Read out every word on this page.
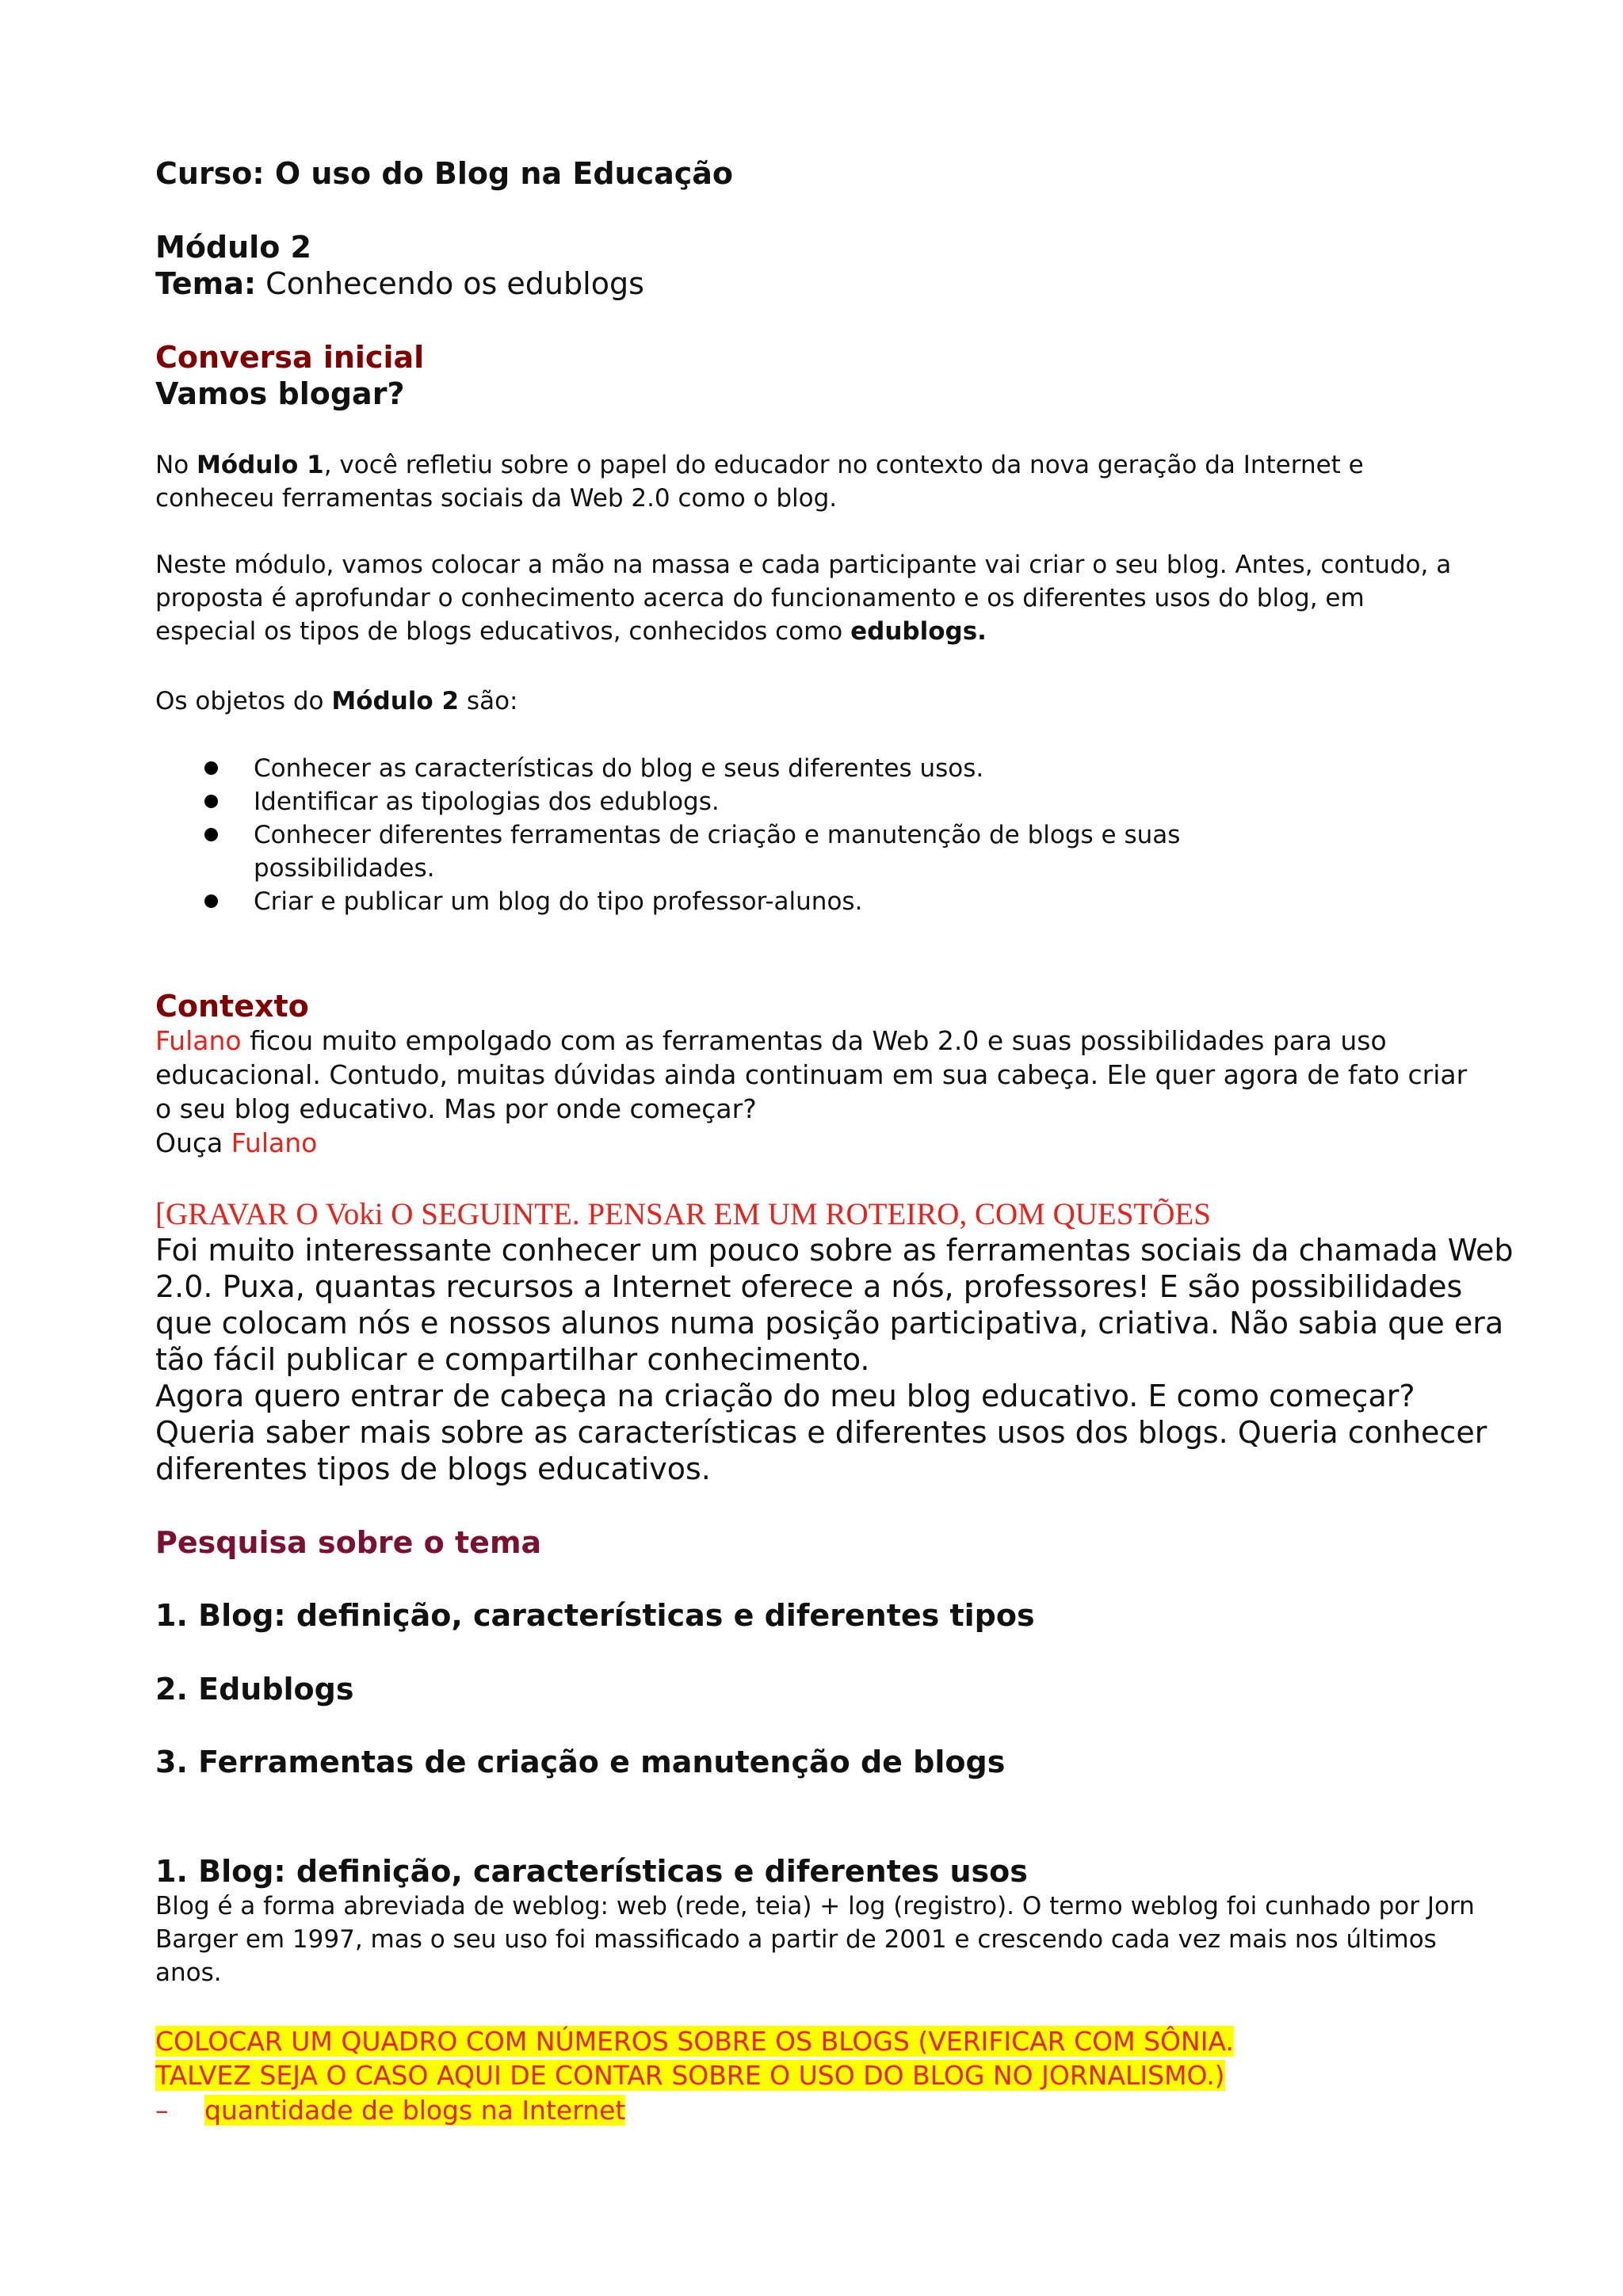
Curso: O uso do Blog na Educação

Módulo 2

Tema: Conhecendo os edublogs

Conversa inicial

Vamos blogar?

No Módulo 1, você refletiu sobre o papel do educador no contexto da nova geração da Internet e conheceu ferramentas sociais da Web 2.0 como o blog.

Neste módulo, vamos colocar a mão na massa e cada participante vai criar o seu blog. Antes, contudo, a proposta é aprofundar o conhecimento acerca do funcionamento e os diferentes usos do blog, em especial os tipos de blogs educativos, conhecidos como edublogs.

Os objetos do Módulo 2 são:

Conhecer as características do blog e seus diferentes usos.
Identificar as tipologias dos edublogs.
Conhecer diferentes ferramentas de criação e manutenção de blogs e suas possibilidades.
Criar e publicar um blog do tipo professor-alunos.

Contexto

Fulano ficou muito empolgado com as ferramentas da Web 2.0 e suas possibilidades para uso educacional. Contudo, muitas dúvidas ainda continuam em sua cabeça. Ele quer agora de fato criar o seu blog educativo. Mas por onde começar?

Ouça Fulano

[GRAVAR O Voki O SEGUINTE. PENSAR EM UM ROTEIRO, COM QUESTÕES

Foi muito interessante conhecer um pouco sobre as ferramentas sociais da chamada Web 2.0. Puxa, quantas recursos a Internet oferece a nós, professores! E são possibilidades que colocam nós e nossos alunos numa posição participativa, criativa. Não sabia que era tão fácil publicar e compartilhar conhecimento.

Agora quero entrar de cabeça na criação do meu blog educativo. E como começar? Queria saber mais sobre as características e diferentes usos dos blogs. Queria conhecer diferentes tipos de blogs educativos.

Pesquisa sobre o tema

1. Blog: definição, características e diferentes tipos

2. Edublogs

3. Ferramentas de criação e manutenção de blogs

1. Blog: definição, características e diferentes usos

Blog é a forma abreviada de weblog: web (rede, teia) + log (registro). O termo weblog foi cunhado por Jorn Barger em 1997, mas o seu uso foi massificado a partir de 2001 e crescendo cada vez mais nos últimos anos.

COLOCAR UM QUADRO COM NÚMEROS SOBRE OS BLOGS (VERIFICAR COM SÔNIA.

TALVEZ SEJA O CASO AQUI DE CONTAR SOBRE O USO DO BLOG NO JORNALISMO.)

– quantidade de blogs na Internet
